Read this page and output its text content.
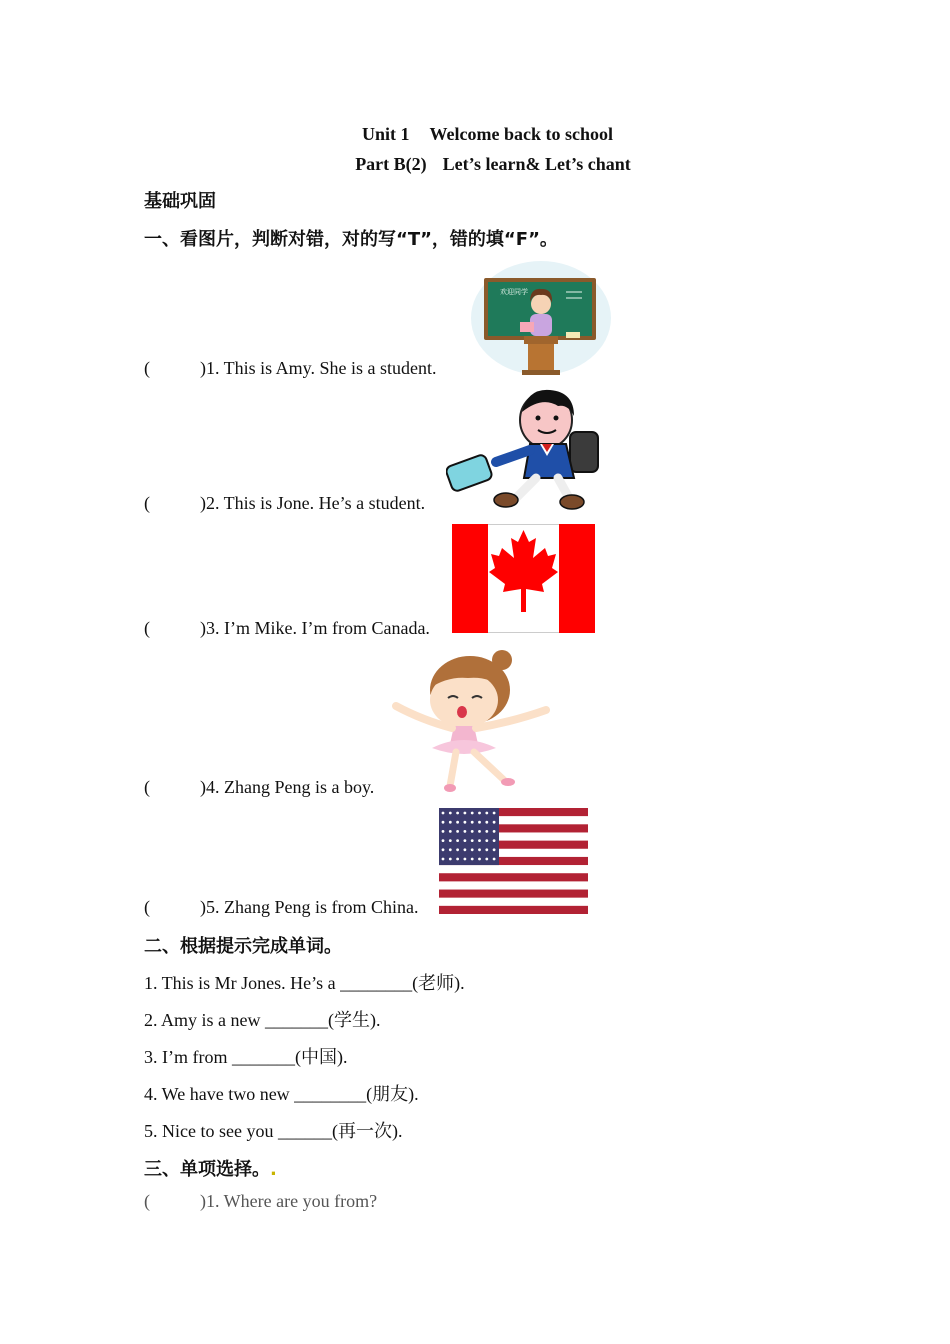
Unit 1 Welcome back to school
Part B(2) Let’s learn& Let’s chant
基础巩固
一、看图片，判断对错，对的写“T”，错的填“F”。
(	)1. This is Amy. She is a student.
(	)2. This is Jone. He’s a student.
(	)3. I’m Mike. I’m from Canada.
(	)4. Zhang Peng is a boy.
(	)5. Zhang Peng is from China.
欢迎同学
二、根据提示完成单词。
1. This is Mr Jones. He’s a ________(老师).
2. Amy is a new _______(学生).
3. I’m from _______(中国).
4. We have two new ________(朋友).
5. Nice to see you ______(再一次).
三、单项选择。.
(	)1. Where are you from?
